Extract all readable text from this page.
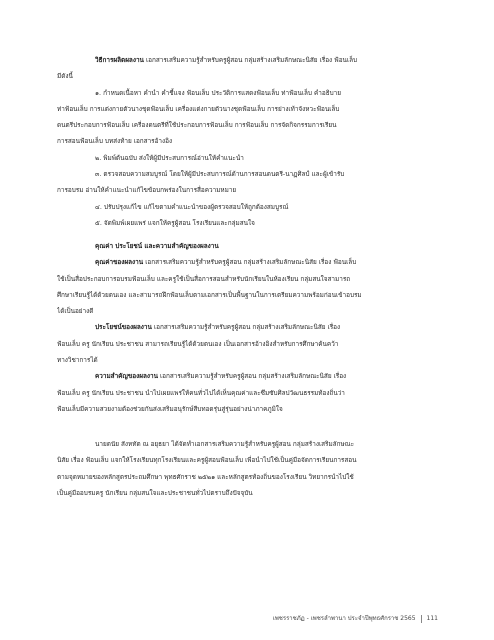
วิธีการผลิตผลงาน เอกสารเสริมความรู้สำหรับครูผู้สอน กลุ่มสร้างเสริมลักษณะนิสัย เรื่อง ฟ้อนเล็บ

มีดังนี้

๑. กำหนดเนื้อหา คำนำ คำชี้แจง ฟ้อนเล็บ ประวัติการแสดงฟ้อนเล็บ ท่าฟ้อนเล็บ คำอธิบาย

ท่าฟ้อนเล็บ การแต่งกายตัวนางชุดฟ้อนเล็บ เครื่องแต่งกายตัวนางชุดฟ้อนเล็บ การย่างเท้าจังหวะฟ้อนเล็บ

ดนตรีประกอบการฟ้อนเล็บ เครื่องดนตรีที่ใช้ประกอบการฟ้อนเล็บ การฟ้อนเล็บ การจัดกิจกรรมการเรียน

การสอนฟ้อนเล็บ บทส่งท้าย เอกสารอ้างอิง

๒. พิมพ์ต้นฉบับ ส่งให้ผู้มีประสบการณ์อ่านให้คำแนะนำ

๓. ตรวจสอบความสมบูรณ์ โดยให้ผู้มีประสบการณ์ด้านการสอนดนตรี-นาฏศิลป์ และผู้เข้ารับ

การอบรม อ่านให้คำแนะนำแก้ไขข้อบกพร่องในการสื่อความหมาย

๔. ปรับปรุงแก้ไข แก้ไขตามคำแนะนำของผู้ตรวจสอบให้ถูกต้องสมบูรณ์

๕. จัดพิมพ์เผยแพร่ แจกให้ครูผู้สอน โรงเรียนและกลุ่มสนใจ

คุณค่า ประโยชน์ และความสำคัญของผลงาน

คุณค่าของผลงาน เอกสารเสริมความรู้สำหรับครูผู้สอน กลุ่มสร้างเสริมลักษณะนิสัย เรื่อง ฟ้อนเล็บ

ใช้เป็นสื่อประกอบการอบรมฟ้อนเล็บ และครูใช้เป็นสื่อการสอนสำหรับนักเรียนในห้องเรียน กลุ่มสนใจสามารถ

ศึกษาเรียนรู้ได้ด้วยตนเอง และสามารถฝึกฟ้อนเล็บตามเอกสารเป็นพื้นฐานในการเตรียมความพร้อมก่อนเข้าอบรม

ได้เป็นอย่างดี

ประโยชน์ของผลงาน เอกสารเสริมความรู้สำหรับครูผู้สอน กลุ่มสร้างเสริมลักษณะนิสัย เรื่อง

ฟ้อนเล็บ ครู นักเรียน ประชาชน สามารถเรียนรู้ได้ด้วยตนเอง เป็นเอกสารอ้างอิงสำหรับการศึกษาค้นคว้า

ทางวิชาการได้

ความสำคัญของผลงาน เอกสารเสริมความรู้สำหรับครูผู้สอน กลุ่มสร้างเสริมลักษณะนิสัย เรื่อง

ฟ้อนเล็บ ครู นักเรียน ประชาชน นำไปเผยแพร่ให้คนทั่วไปได้เห็นคุณค่าและซึมซับศิลปวัฒนธรรมท้องถิ่นว่า

ฟ้อนเล็บมีความสวยงามต้องช่วยกันส่งเสริมอนุรักษ์สืบทอดรุ่นสู่รุ่นอย่างน่าภาคภูมิใจ

นายดนัย สังหทัต ณ อยุธยา ได้จัดทำเอกสารเสริมความรู้สำหรับครูผู้สอน กลุ่มสร้างเสริมลักษณะ

นิสัย เรื่อง ฟ้อนเล็บ แจกให้โรงเรียนทุกโรงเรียนและครูผู้สอนฟ้อนเล็บ เพื่อนำไปใช้เป็นคู่มือจัดการเรียนการสอน

ตามจุดหมายของหลักสูตรประถมศึกษา พุทธศักราช ๒๕๒๑ และหลักสูตรท้องถิ่นของโรงเรียน วิทยากรนำไปใช้

เป็นคู่มืออบรมครู นักเรียน กลุ่มสนใจและประชาชนทั่วไปตราบถึงปัจจุบัน

เพชรราชภัฏ - เพชรลำพานา ประจำปีพุทธศักราช 2565 111
